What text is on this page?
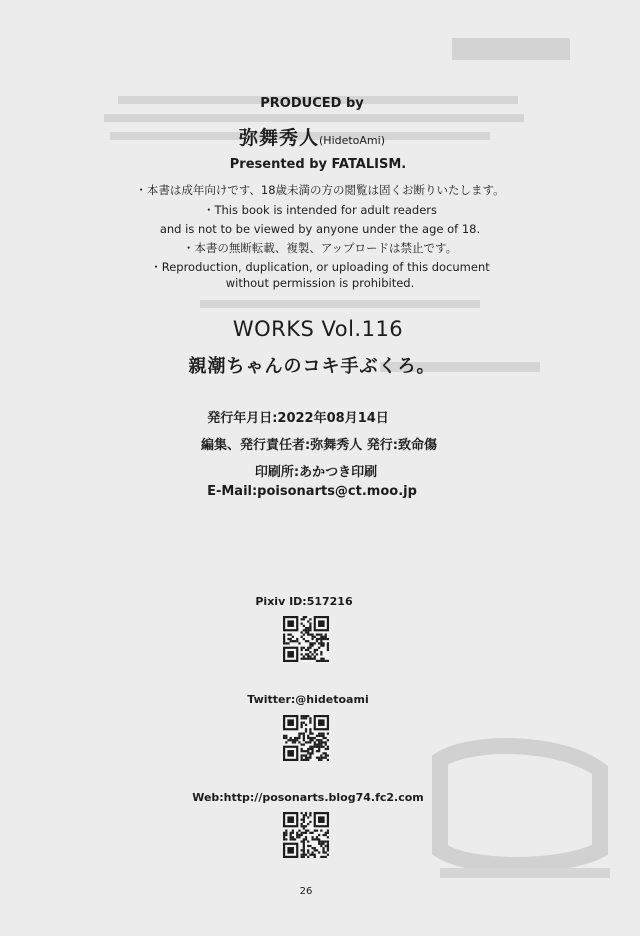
PRODUCED by
弥舞秀人(HidetoAmi)
Presented by FATALISM.
・本書は成年向けです、18歳未満の方の閲覧は固くお断りいたします。
・This book is intended for adult readers
and is not to be viewed by anyone under the age of 18.
・本書の無断転載、複製、アップロードは禁止です。
・Reproduction, duplication, or uploading of this document
without permission is prohibited.
WORKS Vol.116
親潮ちゃんのコキ手ぶくろ。
発行年月日:2022年08月14日
編集、発行責任者:弥舞秀人 発行:致命傷
印刷所:あかつき印刷
E-Mail:poisonarts@ct.moo.jp
Pixiv ID:517216
Twitter:@hidetoami
Web:http://posonarts.blog74.fc2.com
26
